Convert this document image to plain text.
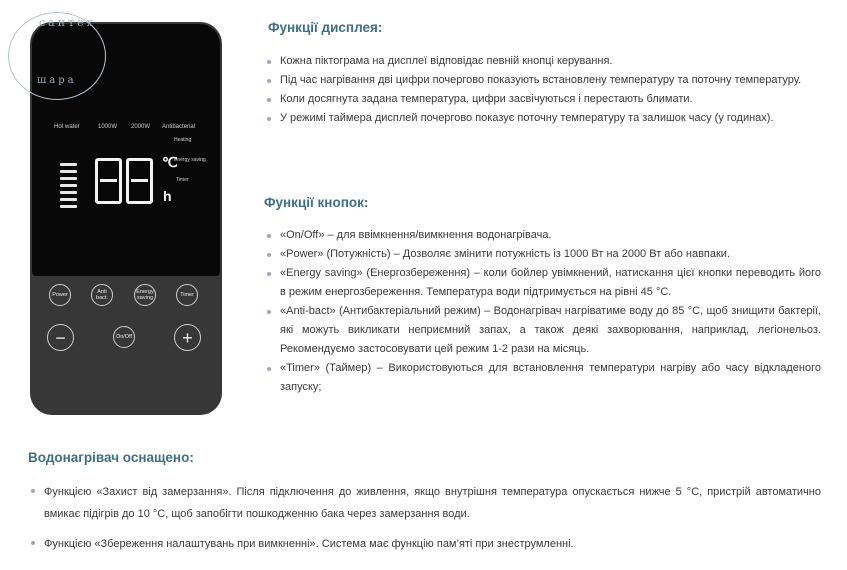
Hot water	1000W 2000W Antibacterial
℃
h
Heating
Energy saving
Timer
Power	Anti bact.
Energy saving	Timer
−	On/Off	+
сантех
шара
Функції дисплея:
Кожна піктограма на дисплеї відповідає певній кнопці керування.
Під час нагрівання дві цифри почергово показують встановлену температуру та поточну температуру.
Коли досягнута задана температура, цифри засвічуються і перестають блимати.
У режимі таймера дисплей почергово показує поточну температуру та залишок часу (у годинах).
Функції кнопок:
«On/Off» – для ввімкнення/вимкнення водонагрівача.
«Power» (Потужність) – Дозволяє змінити потужність із 1000 Вт на 2000 Вт або навпаки.
«Energy saving» (Енергозбереження) – коли бойлер увімкнений, натискання цієї кнопки переводить його в режим енергозбереження. Температура води підтримується на рівні 45 °С.
«Anti-bact» (Антибактеріальний режим) – Водонагрівач нагріватиме воду до 85 °С, щоб знищити бактерії, які можуть викликати неприємний запах, а також деякі захворювання, наприклад, легіонельоз. Рекомендуємо застосовувати цей режим 1-2 рази на місяць.
«Timer» (Таймер) – Використовуються для встановлення температури нагріву або часу відкладеного запуску;
Водонагрівач оснащено:
Функцією «Захист від замерзання». Після підключення до живлення, якщо внутрішня температура опускається нижче 5 °С, пристрій автоматично вмикає підігрів до 10 °С, щоб запобігти пошкодженню бака через замерзання води.
Функцією «Збереження налаштувань при вимкненні». Система має функцію пам’яті при знеструмленні.
